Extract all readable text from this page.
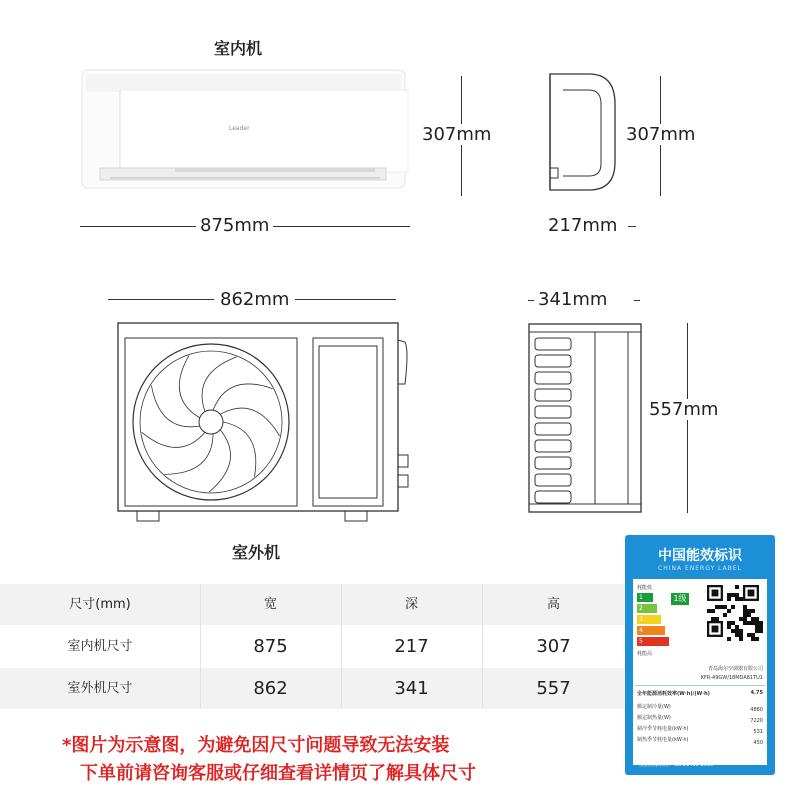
室内机
Leader	307mm	307mm
875mm	217mm
862mm	341mm
557mm
室外机
尺寸(mm)	宽	深	高
室内机尺寸	875	217	307
室外机尺寸	862	341	557
*图片为示意图，为避免因尺寸问题导致无法安装
下单前请咨询客服或仔细查看详情页了解具体尺寸
中国能效标识
CHINA ENERGY LABEL
耗能低
1
2
3
4
5
耗能高
1级
青岛海尔空调器有限公司
KFR-49GW/18MDA81TU1
全年能源消耗效率(W·h)/(W·h)	4.75
额定制冷量(W)	4880
额定制热量(W)	7220
制冷季节耗电量(kW·h)	531
制热季节耗电量(kW·h)	450
依据国家标准：GB 21455-2019
